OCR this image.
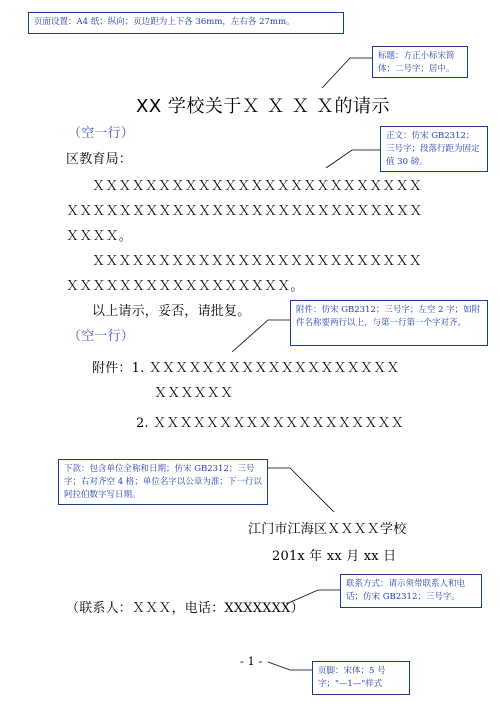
页面设置：A4 纸；纵向；页边距为上下各 36mm，左右各 27mm。
标题：方正小标宋简体；二号字；居中。
正文：仿宋 GB2312；三号字；段落行距为固定值 30 磅。
附件：仿宋 GB2312；三号字；左空 2 字；如附件名称要两行以上，与第一行第一个字对齐。
下款：包含单位全称和日期；仿宋 GB2312；三号字；右对齐空 4 格；单位名字以公章为准；下一行以阿拉伯数字写日期。
联系方式：请示须带联系人和电话；仿宋 GB2312；三号字。
页脚：宋体；5 号字；"—1—"样式
XX 学校关于Ｘ Ｘ Ｘ Ｘ的请示
（空一行）
区教育局：
ＸＸＸＸＸＸＸＸＸＸＸＸＸＸＸＸＸＸＸＸＸＸＸＸＸ
ＸＸＸＸＸＸＸＸＸＸＸＸＸＸＸＸＸＸＸＸＸＸＸＸＸＸＸ
ＸＸＸＸ。
ＸＸＸＸＸＸＸＸＸＸＸＸＸＸＸＸＸＸＸＸＸＸＸＸＸ
ＸＸＸＸＸＸＸＸＸＸＸＸＸＸＸＸＸ。
以上请示，妥否，请批复。
（空一行）
附件：1. ＸＸＸＸＸＸＸＸＸＸＸＸＸＸＸＸＸＸＸ
ＸＸＸＸＸＸ
2. ＸＸＸＸＸＸＸＸＸＸＸＸＸＸＸＸＸＸＸ
江门市江海区ＸＸＸＸ学校
201x 年 xx 月 xx 日
（联系人：ＸＸＸ，电话：XXXXXXX）
- 1 -
